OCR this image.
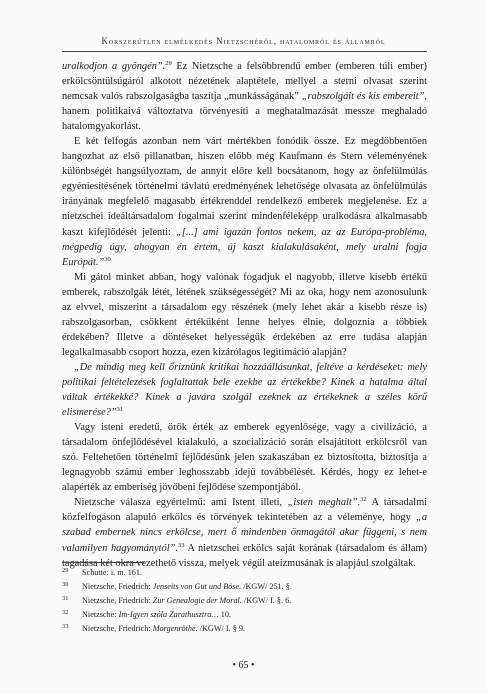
Korszerűtlen elmélkedés Nietzschéről, hatalomról és államról

uralkodjon a gyöngén”.$^{29}$ Ez Nietzsche a felsőbbrendű ember (emberen túli ember) erkölcsöntülsúgáról alkotott nézetének alaptétele, mellyel a sterni olvasat szerint nemcsak valós rabszolgaságba taszítja „munkásságának” „rabszolgáit és kis embereit”, hanem politikaivá változtatva törvényesíti a meghatalmazását messze meghaladó hatalomgyakorlást.

E két felfogás azonban nem várt mértékben fonódik össze. Ez megdöbbentően hangozhat az első pillanatban, hiszen előbb még Kaufmann és Stern véleményének különbségét hangsúlyoztam, de annyit előre kell bocsátanom, hogy az önfelülmúlás egyéniesítésének történelmi távlatú eredményének lehetősége olvasata az önfelülmúlás irányának megfelelő magasabb értékrenddel rendelkező emberek megjelenése. Ez a nietzschei ideáltársadalom fogalmai szerint mindenféleképp uralkodásra alkalmasabb kaszt kifejlődését jelenti: „[...] ami igazán fontos nekem, az az Európa-probléma, mégpedig úgy, ahogyan én értem, új kaszt kialakulásaként, mely uralni fogja Európát.”$^{30}$

Mi gátol minket abban, hogy valónak fogadjuk el nagyobb, illetve kisebb értékű emberek, rabszolgák létét, létének szükségességét? Mi az oka, hogy nem azonosulunk az elvvel, miszerint a társadalom egy részének (mely lehet akár a kisebb része is) rabszolgasorban, csökkent értékűként lenne helyes élnie, dolgoznia a többiek érdekében? Illetve a döntéseket helyességük érdekében az erre tudása alapján legalkalmasabb csoport hozza, ezen kizárólagos legitimáció alapján?

„De mindig meg kell őriznünk kritikai hozzáállásunkat, feltéve a kérdéseket: mely politikai feltételezések foglaltattak bele ezekbe az értékekbe? Kinek a hatalma által váltak értékekké? Kinek a javára szolgál ezeknek az értékeknek a széles körű elismerése?”$^{31}$

Vagy isteni eredetű, örök érték az emberek egyenlősége, vagy a civilizáció, a társadalom önfejlődésével kialakuló, a szocializáció során elsajátított erkölcsről van szó. Feltehetően történelmi fejlődésünk jelen szakaszában ez biztosította, biztosítja a legnagyobb számú ember leghosszabb idejű továbbélését. Kérdés, hogy ez lehet-e alapérték az emberiség jövőbeni fejlődése szempontjából.

Nietzsche válasza egyértelmű: ami Istent illeti, „isten meghalt”.$^{32}$ A társadalmi közfelfogáson alapuló erkölcs és törvények tekintetében az a véleménye, hogy „a szabad embernek nincs erkölcse, mert ő mindenben önmagától akar függeni, s nem valamilyen hagyománytól”.$^{33}$ A nietzschei erkölcs saját korának (társadalom és állam) tagadása két okra vezethető vissza, melyek végül ateizmusának is alapjául szolgáltak.

29	Schutte: i. m. 161.
30	Nietzsche, Friedrich: Jenseits von Gut und Böse. /KGW/ 251. §.
31	Nietzsche, Friedrich: Zur Genealogie der Moral. /KGW/ I. §. 6.
32	Nietzsche: Im-Igyen szóla Zarathusztra… 10.
33	Nietzsche, Friedrich: Morgenröthe. /KGW/ I. § 9.
• 65 •
